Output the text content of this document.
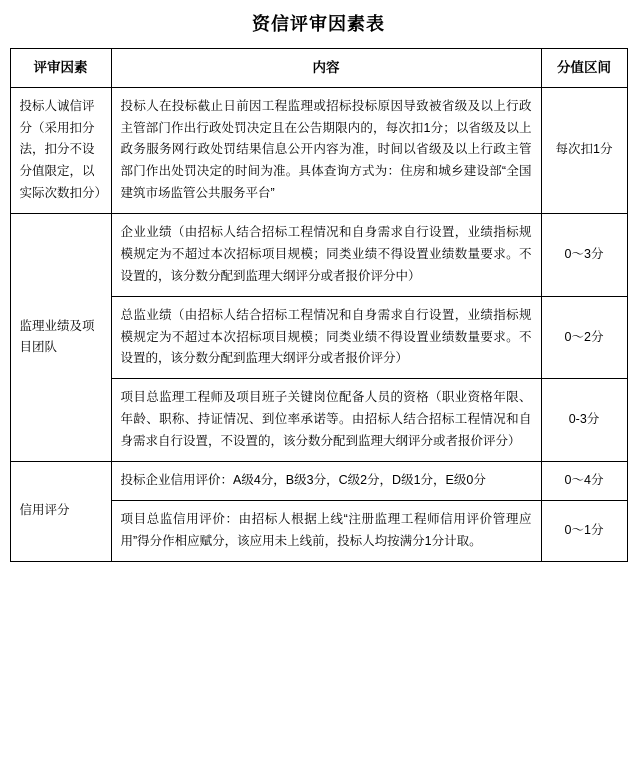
资信评审因素表
评审因素	内容	分值区间
投标人诚信评分（采用扣分法，扣分不设分值限定，以实际次数扣分）	投标人在投标截止日前因工程监理或招标投标原因导致被省级及以上行政主管部门作出行政处罚决定且在公告期限内的，每次扣1分；以省级及以上政务服务网行政处罚结果信息公开内容为准，时间以省级及以上行政主管部门作出处罚决定的时间为准。具体查询方式为：住房和城乡建设部“全国建筑市场监管公共服务平台”	每次扣1分
监理业绩及项目团队	企业业绩（由招标人结合招标工程情况和自身需求自行设置，业绩指标规模规定为不超过本次招标项目规模；同类业绩不得设置业绩数量要求。不设置的，该分数分配到监理大纲评分或者报价评分中）	0～3分
	总监业绩（由招标人结合招标工程情况和自身需求自行设置，业绩指标规模规定为不超过本次招标项目规模；同类业绩不得设置业绩数量要求。不设置的，该分数分配到监理大纲评分或者报价评分）	0～2分
	项目总监理工程师及项目班子关键岗位配备人员的资格（职业资格年限、年龄、职称、持证情况、到位率承诺等。由招标人结合招标工程情况和自身需求自行设置，不设置的，该分数分配到监理大纲评分或者报价评分）	0-3分
信用评分	投标企业信用评价：A级4分，B级3分，C级2分，D级1分，E级0分	0～4分
	项目总监信用评价：由招标人根据上线“注册监理工程师信用评价管理应用”得分作相应赋分，该应用未上线前，投标人均按满分1分计取。	0～1分
